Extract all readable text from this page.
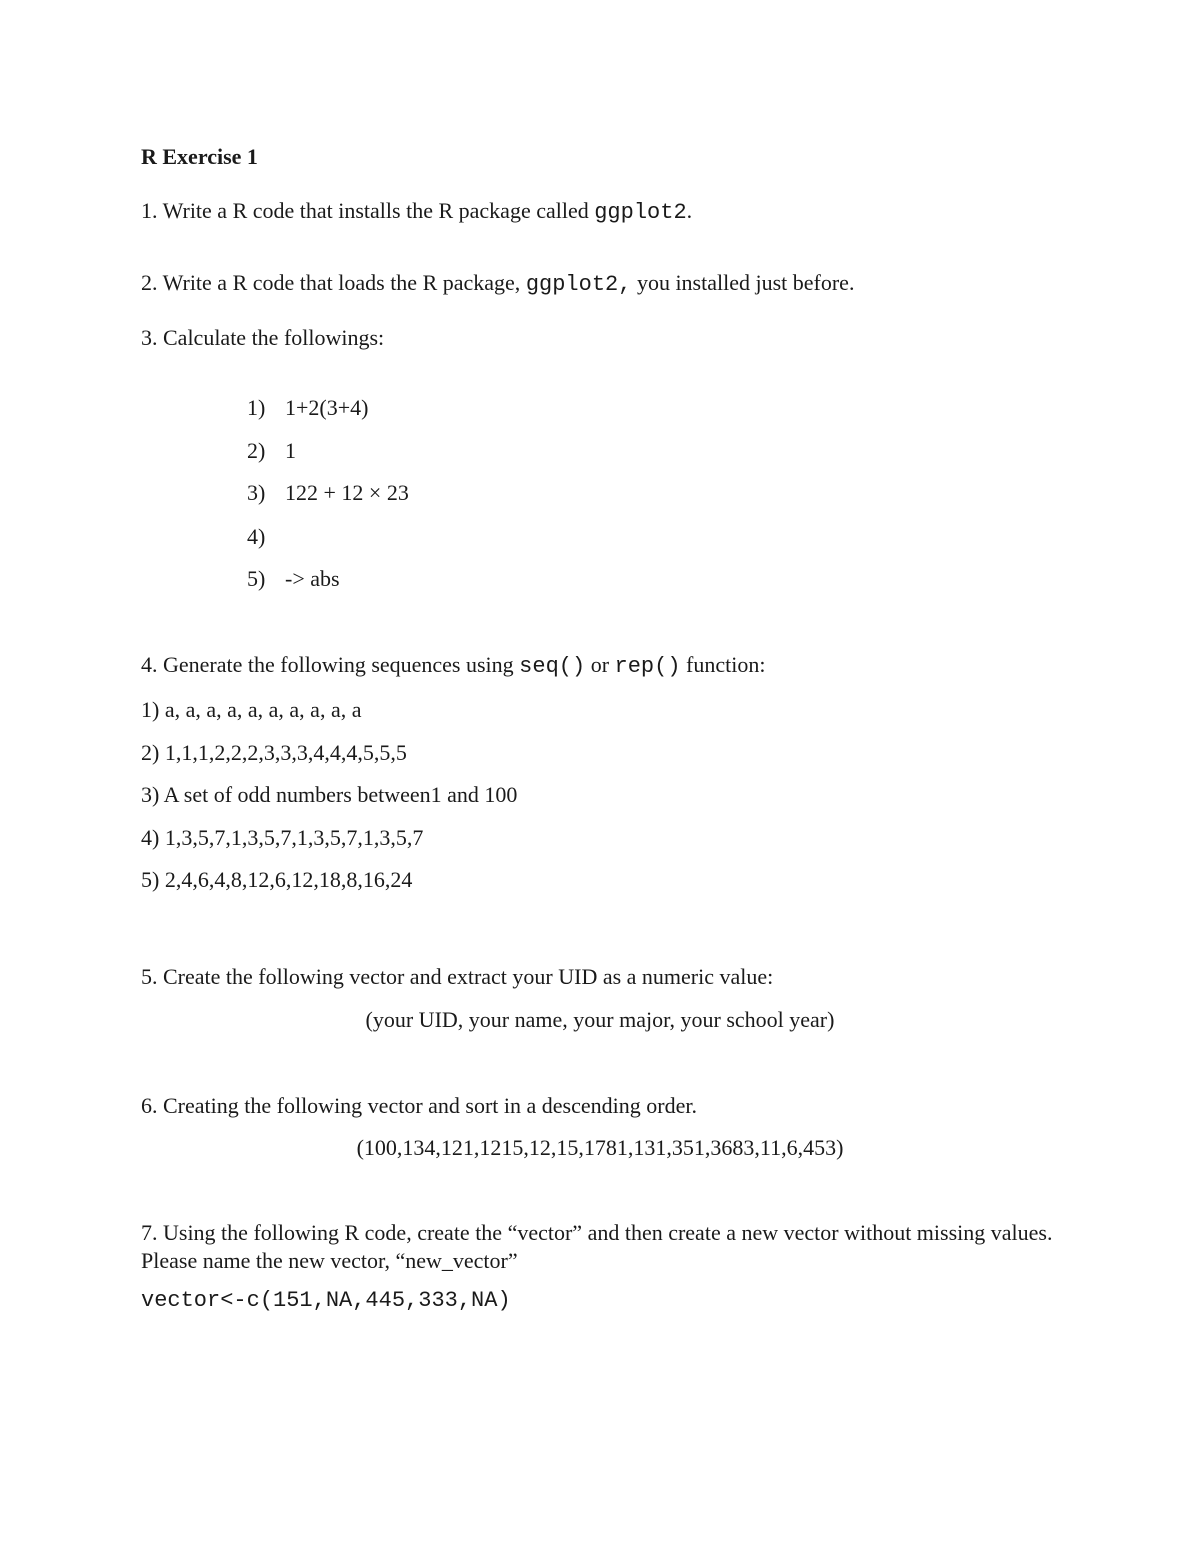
R Exercise 1
1. Write a R code that installs the R package called ggplot2.
2. Write a R code that loads the R package, ggplot2, you installed just before.
3. Calculate the followings:
1) 1+2(3+4)
2) 1
3) 122 + 12 × 23
4)
5) -> abs
4. Generate the following sequences using seq() or rep() function:
1) a, a, a, a, a, a, a, a, a, a
2) 1,1,1,2,2,2,3,3,3,4,4,4,5,5,5
3) A set of odd numbers between1 and 100
4) 1,3,5,7,1,3,5,7,1,3,5,7,1,3,5,7
5) 2,4,6,4,8,12,6,12,18,8,16,24
5. Create the following vector and extract your UID as a numeric value:
(your UID, your name, your major, your school year)
6. Creating the following vector and sort in a descending order.
(100,134,121,1215,12,15,1781,131,351,3683,11,6,453)
7. Using the following R code, create the “vector” and then create a new vector without missing values. Please name the new vector, “new_vector”
vector<-c(151,NA,445,333,NA)
